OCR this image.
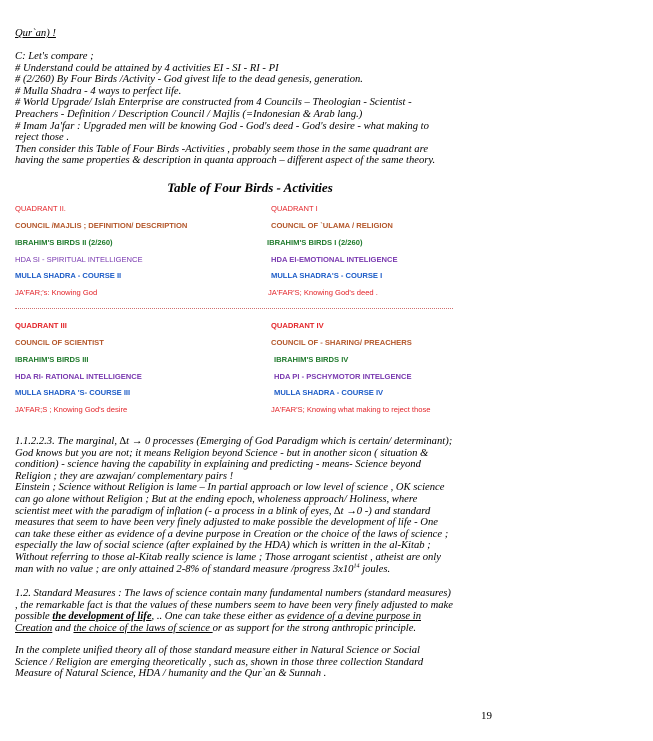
Qur`an) !
C: Let's compare ;
# Understand could be attained by 4 activities EI - SI - RI - PI
# (2/260) By Four Birds /Activity - God givest life to the dead genesis, generation.
# Mulla Shadra - 4 ways to perfect life.
# World Upgrade/ Islah Enterprise are constructed from 4 Councils – Theologian - Scientist -
Preachers - Definition / Description Council / Majlis (=Indonesian & Arab lang.)
# Imam Ja'far : Upgraded men will be knowing God - God's deed - God's desire - what making to
reject those .
Then consider this Table of Four Birds -Activities , probably seem those in the same quadrant are
having the same properties & description in quanta approach – different aspect of the same theory.
Table of Four Birds - Activities
QUADRANT II.
COUNCIL /MAJLIS ; DEFINITION/ DESCRIPTION
IBRAHIM'S BIRDS II (2/260)
HDA SI - SPIRITUAL INTELLIGENCE
MULLA SHADRA - COURSE II
JA'FAR;'s: Knowing God
QUADRANT I
COUNCIL OF `ULAMA / RELIGION
IBRAHIM'S BIRDS I (2/260)
HDA EI-EMOTIONAL INTELIGENCE
MULLA SHADRA'S - COURSE I
JA'FAR'S; Knowing God's deed .
QUADRANT III
COUNCIL OF SCIENTIST
IBRAHIM'S BIRDS III
HDA RI- RATIONAL INTELLIGENCE
MULLA SHADRA 'S- COURSE III
JA'FAR;S ; Knowing God's desire
QUADRANT IV
COUNCIL OF - SHARING/ PREACHERS
IBRAHIM'S BIRDS IV
HDA PI - PSCHYMOTOR INTELGENCE
MULLA SHADRA - COURSE IV
JA'FAR'S; Knowing what making to reject those
1.1.2.2.3. The marginal, ∆t → 0 processes (Emerging of God Paradigm which is certain/ determinant);
God knows but you are not; it means Religion beyond Science - but in another sicon ( situation &
condition) - science having the capability in explaining and predicting - means- Science beyond
Religion ; they are azwajan/ complementary pairs !
Einstein ; Science without Religion is lame – In partial approach or low level of science , OK science
can go alone without Religion ; But at the ending epoch, wholeness approach/ Holiness, where
scientist meet with the paradigm of inflation (- a process in a blink of eyes, ∆t →0 -) and standard
measures that seem to have been very finely adjusted to make possible the development of life - One
can take these either as evidence of a devine purpose in Creation or the choice of the laws of science ;
especially the law of social science (after explained by the HDA) which is written in the al-Kitab ;
Without referring to those al-Kitab really science is lame ; Those arrogant scientist , atheist are only
man with no value ; are only attained 2-8% of standard measure /progress $3x10^{14}$ joules.
1.2. Standard Measures : The laws of science contain many fundamental numbers (standard measures)
, the remarkable fact is that the values of these numbers seem to have been very finely adjusted to make
possible the development of life, .. One can take these either as evidence of a devine purpose in
Creation and the choice of the laws of science or as support for the strong anthropic principle.
In the complete unified theory all of those standard measure either in Natural Science or Social
Science / Religion are emerging theoretically , such as, shown in those three collection Standard
Measure of Natural Science, HDA / humanity and the Qur`an & Sunnah .
19
